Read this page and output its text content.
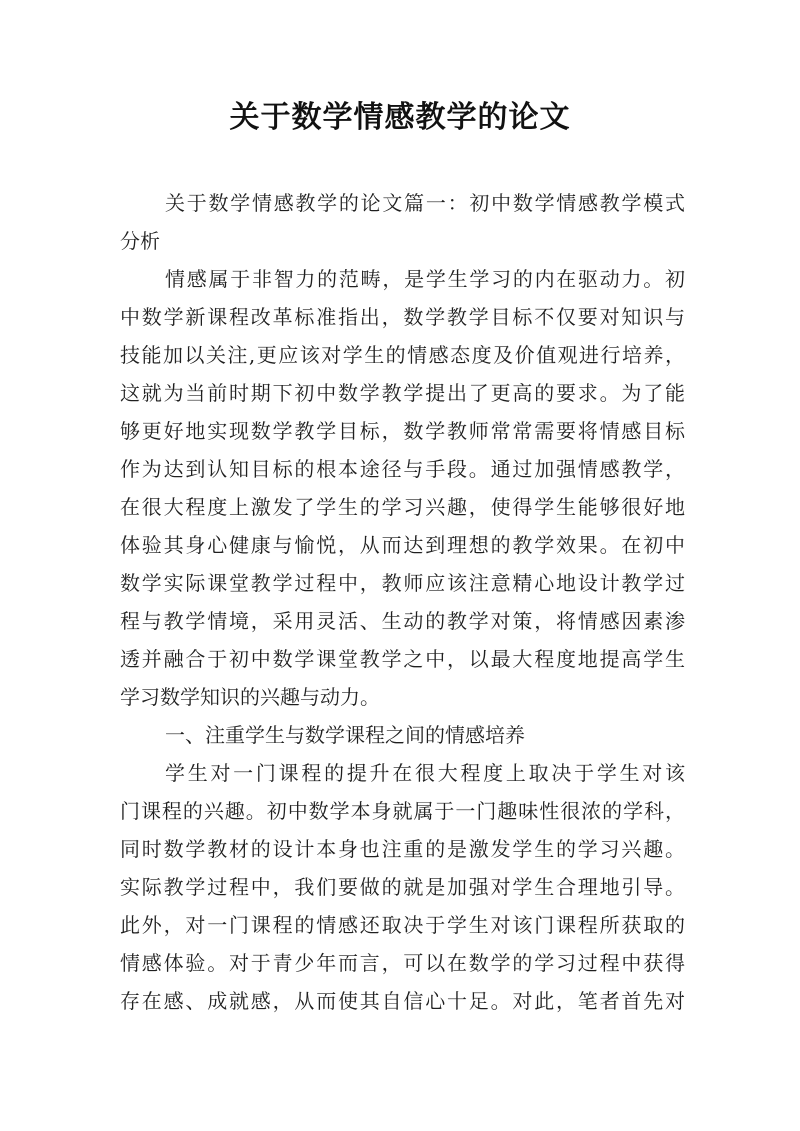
关于数学情感教学的论文
关于数学情感教学的论文篇一：初中数学情感教学模式
分析
情感属于非智力的范畴，是学生学习的内在驱动力。初
中数学新课程改革标准指出，数学教学目标不仅要对知识与
技能加以关注,更应该对学生的情感态度及价值观进行培养，
这就为当前时期下初中数学教学提出了更高的要求。为了能
够更好地实现数学教学目标，数学教师常常需要将情感目标
作为达到认知目标的根本途径与手段。通过加强情感教学，
在很大程度上激发了学生的学习兴趣，使得学生能够很好地
体验其身心健康与愉悦，从而达到理想的教学效果。在初中
数学实际课堂教学过程中，教师应该注意精心地设计教学过
程与教学情境，采用灵活、生动的教学对策，将情感因素渗
透并融合于初中数学课堂教学之中，以最大程度地提高学生
学习数学知识的兴趣与动力。
一、注重学生与数学课程之间的情感培养
学生对一门课程的提升在很大程度上取决于学生对该
门课程的兴趣。初中数学本身就属于一门趣味性很浓的学科，
同时数学教材的设计本身也注重的是激发学生的学习兴趣。
实际教学过程中，我们要做的就是加强对学生合理地引导。
此外，对一门课程的情感还取决于学生对该门课程所获取的
情感体验。对于青少年而言，可以在数学的学习过程中获得
存在感、成就感，从而使其自信心十足。对此，笔者首先对
